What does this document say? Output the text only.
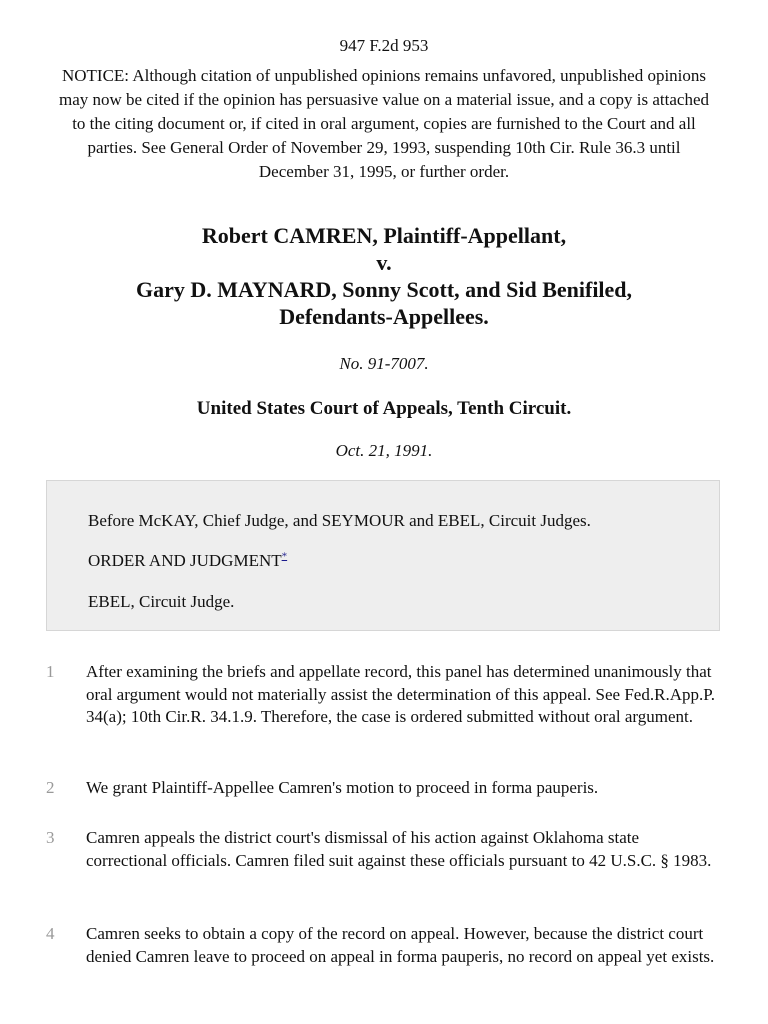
947 F.2d 953
NOTICE: Although citation of unpublished opinions remains unfavored, unpublished opinions may now be cited if the opinion has persuasive value on a material issue, and a copy is attached to the citing document or, if cited in oral argument, copies are furnished to the Court and all parties. See General Order of November 29, 1993, suspending 10th Cir. Rule 36.3 until December 31, 1995, or further order.
Robert CAMREN, Plaintiff-Appellant,
v.
Gary D. MAYNARD, Sonny Scott, and Sid Benifiled,
Defendants-Appellees.
No. 91-7007.
United States Court of Appeals, Tenth Circuit.
Oct. 21, 1991.
Before McKAY, Chief Judge, and SEYMOUR and EBEL, Circuit Judges.
ORDER AND JUDGMENT*
EBEL, Circuit Judge.
1 After examining the briefs and appellate record, this panel has determined unanimously that oral argument would not materially assist the determination of this appeal. See Fed.R.App.P. 34(a); 10th Cir.R. 34.1.9. Therefore, the case is ordered submitted without oral argument.
2 We grant Plaintiff-Appellee Camren's motion to proceed in forma pauperis.
3 Camren appeals the district court's dismissal of his action against Oklahoma state correctional officials. Camren filed suit against these officials pursuant to 42 U.S.C. § 1983.
4 Camren seeks to obtain a copy of the record on appeal. However, because the district court denied Camren leave to proceed on appeal in forma pauperis, no record on appeal yet exists.
